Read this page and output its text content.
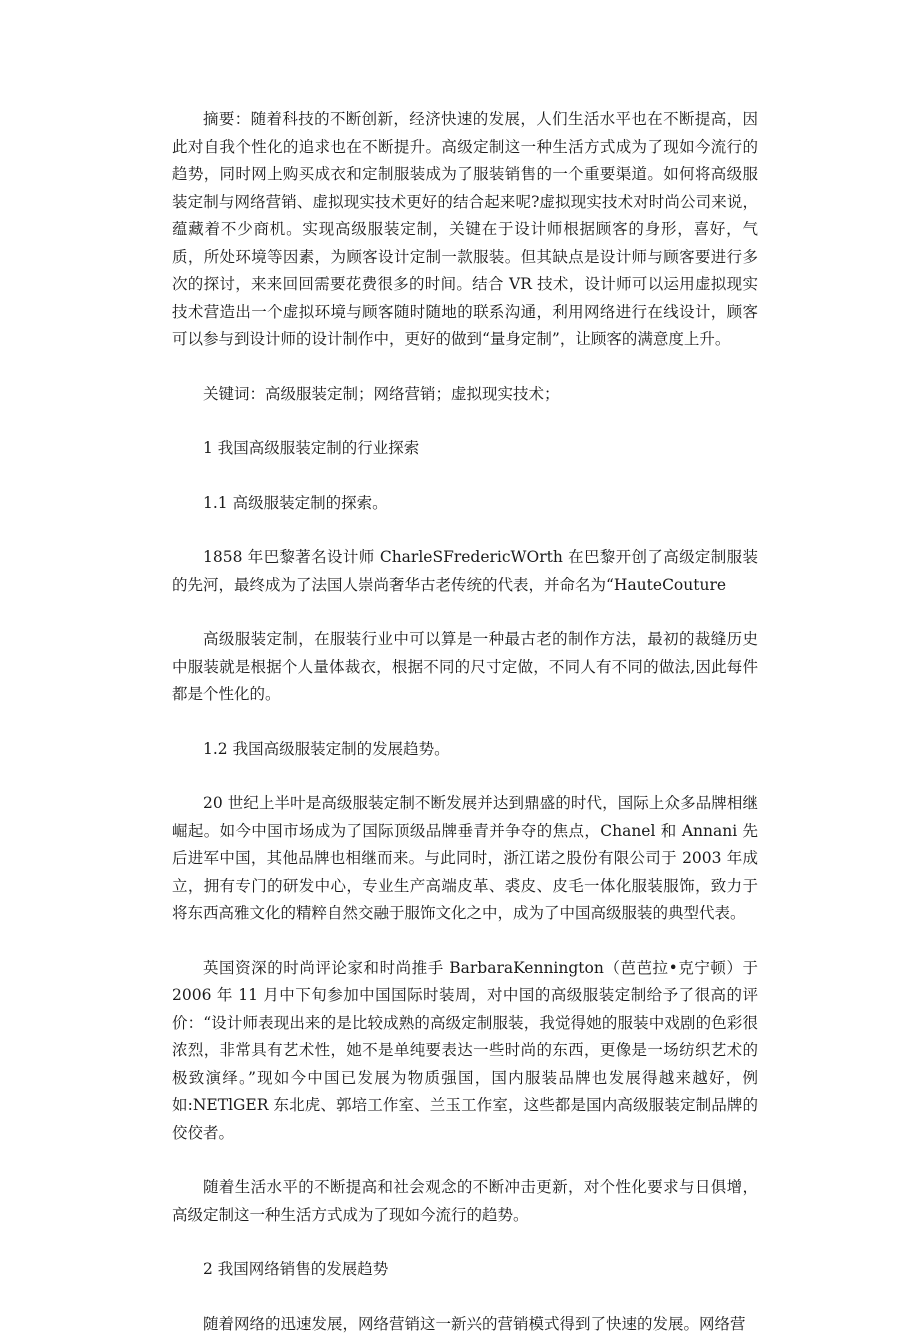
摘要：随着科技的不断创新，经济快速的发展，人们生活水平也在不断提高，因此对自我个性化的追求也在不断提升。高级定制这一种生活方式成为了现如今流行的趋势，同时网上购买成衣和定制服装成为了服装销售的一个重要渠道。如何将高级服装定制与网络营销、虚拟现实技术更好的结合起来呢?虚拟现实技术对时尚公司来说，蕴藏着不少商机。实现高级服装定制，关键在于设计师根据顾客的身形，喜好，气质，所处环境等因素，为顾客设计定制一款服装。但其缺点是设计师与顾客要进行多次的探讨，来来回回需要花费很多的时间。结合 VR 技术，设计师可以运用虚拟现实技术营造出一个虚拟环境与顾客随时随地的联系沟通，利用网络进行在线设计，顾客可以参与到设计师的设计制作中，更好的做到“量身定制”，让顾客的满意度上升。

关键词：高级服装定制；网络营销；虚拟现实技术；

1 我国高级服装定制的行业探索

1.1 高级服装定制的探索。

1858 年巴黎著名设计师 CharleSFredericWOrth 在巴黎开创了高级定制服装的先河，最终成为了法国人崇尚奢华古老传统的代表，并命名为“HauteCouture

高级服装定制，在服装行业中可以算是一种最古老的制作方法，最初的裁缝历史中服装就是根据个人量体裁衣，根据不同的尺寸定做，不同人有不同的做法,因此每件都是个性化的。

1.2 我国高级服装定制的发展趋势。

20 世纪上半叶是高级服装定制不断发展并达到鼎盛的时代，国际上众多品牌相继崛起。如今中国市场成为了国际顶级品牌垂青并争夺的焦点，Chanel 和 Annani 先后进军中国，其他品牌也相继而来。与此同时，浙江诺之股份有限公司于 2003 年成立，拥有专门的研发中心，专业生产高端皮革、裘皮、皮毛一体化服装服饰，致力于将东西高雅文化的精粹自然交融于服饰文化之中，成为了中国高级服装的典型代表。

英国资深的时尚评论家和时尚推手 BarbaraKennington（芭芭拉•克宁顿）于 2006 年 11 月中下旬参加中国国际时装周，对中国的高级服装定制给予了很高的评价：“设计师表现出来的是比较成熟的高级定制服装，我觉得她的服装中戏剧的色彩很浓烈，非常具有艺术性，她不是单纯要表达一些时尚的东西，更像是一场纺织艺术的极致演绎。”现如今中国已发展为物质强国，国内服装品牌也发展得越来越好，例如:NETlGER 东北虎、郭培工作室、兰玉工作室，这些都是国内高级服装定制品牌的佼佼者。

随着生活水平的不断提高和社会观念的不断冲击更新，对个性化要求与日俱增，高级定制这一种生活方式成为了现如今流行的趋势。

2 我国网络销售的发展趋势

随着网络的迅速发展，网络营销这一新兴的营销模式得到了快速的发展。网络营
